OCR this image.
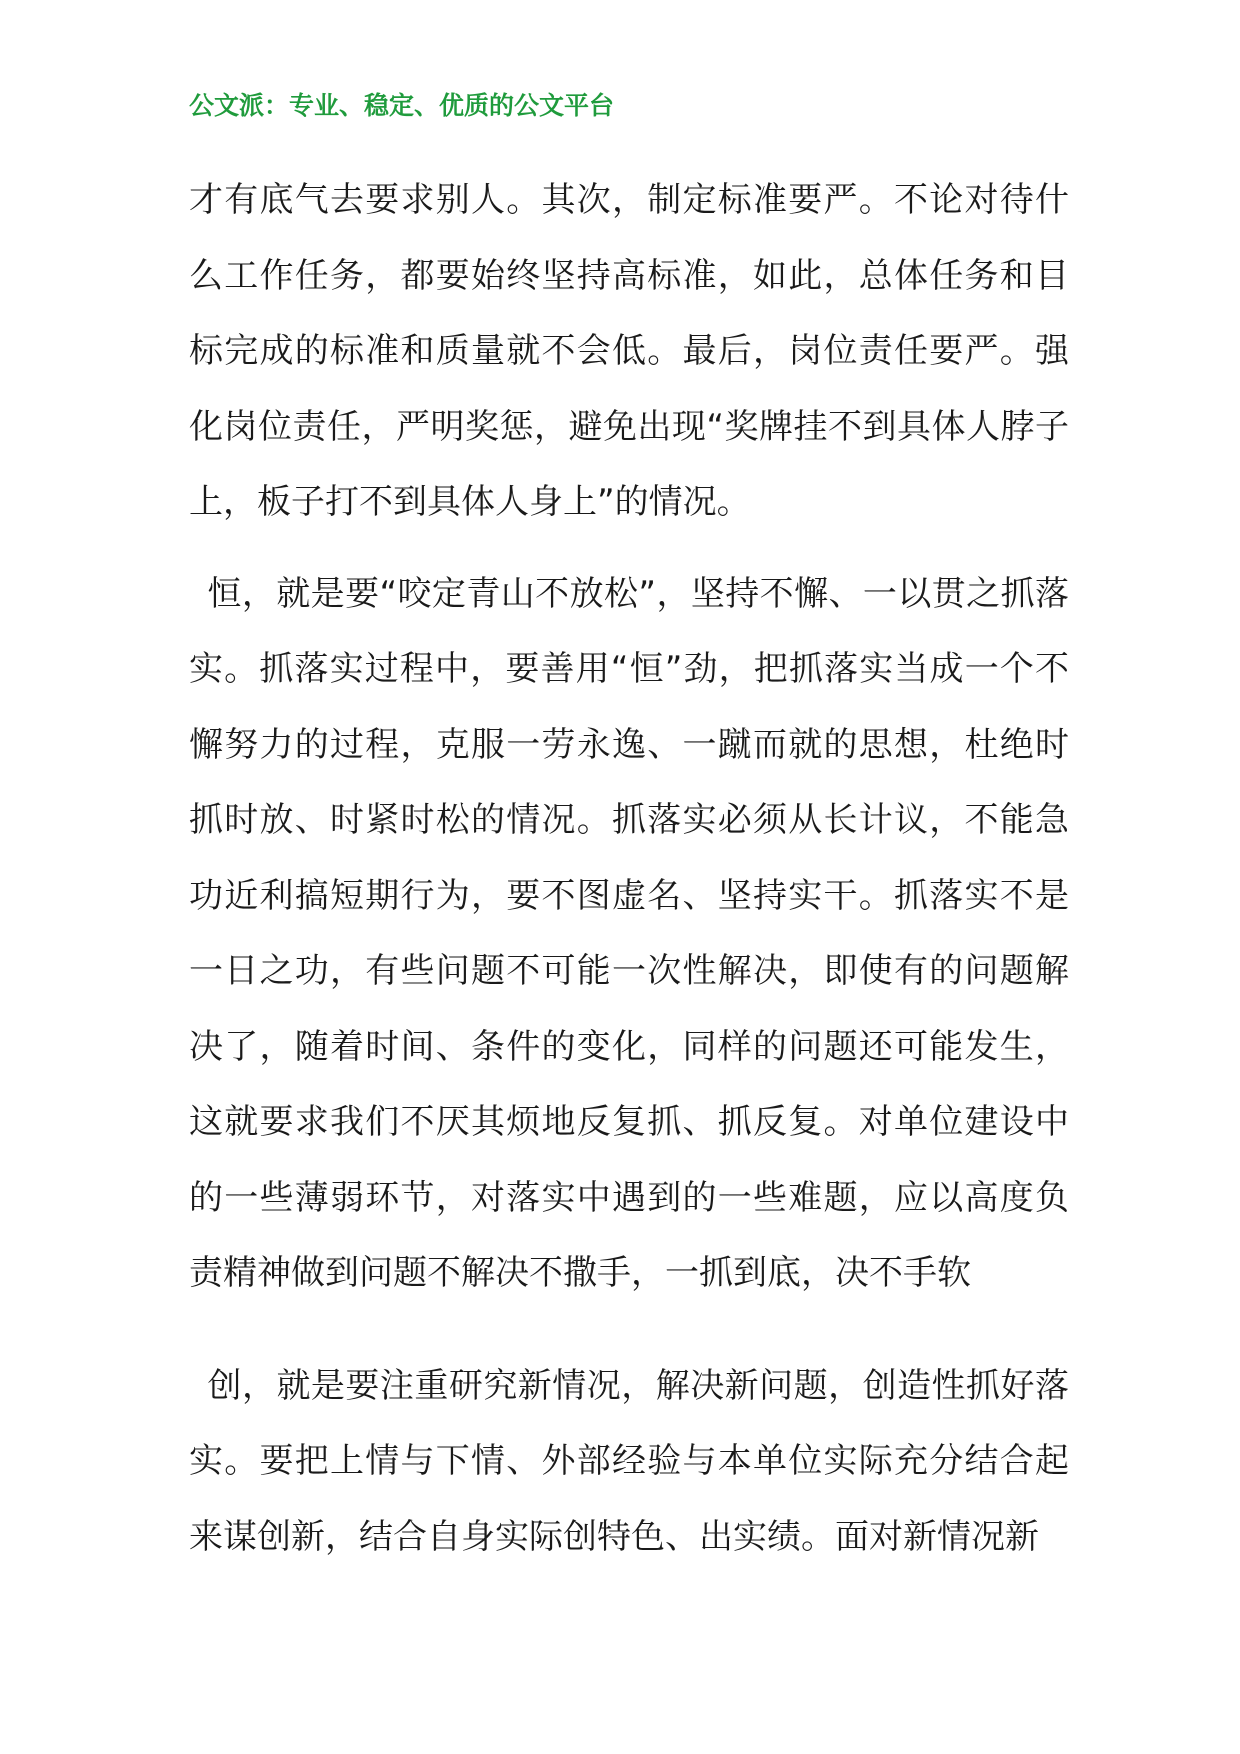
公文派：专业、稳定、优质的公文平台

才有底气去要求别人。其次，制定标准要严。不论对待什么工作任务，都要始终坚持高标准，如此，总体任务和目标完成的标准和质量就不会低。最后，岗位责任要严。强化岗位责任，严明奖惩，避免出现“奖牌挂不到具体人脖子上，板子打不到具体人身上”的情况。

恒，就是要“咬定青山不放松”，坚持不懈、一以贯之抓落实。抓落实过程中，要善用“恒”劲，把抓落实当成一个不懈努力的过程，克服一劳永逸、一蹴而就的思想，杜绝时抓时放、时紧时松的情况。抓落实必须从长计议，不能急功近利搞短期行为，要不图虚名、坚持实干。抓落实不是一日之功，有些问题不可能一次性解决，即使有的问题解决了，随着时间、条件的变化，同样的问题还可能发生，这就要求我们不厌其烦地反复抓、抓反复。对单位建设中的一些薄弱环节，对落实中遇到的一些难题，应以高度负责精神做到问题不解决不撒手，一抓到底，决不手软

创，就是要注重研究新情况，解决新问题，创造性抓好落实。要把上情与下情、外部经验与本单位实际充分结合起来谋创新，结合自身实际创特色、出实绩。面对新情况新
